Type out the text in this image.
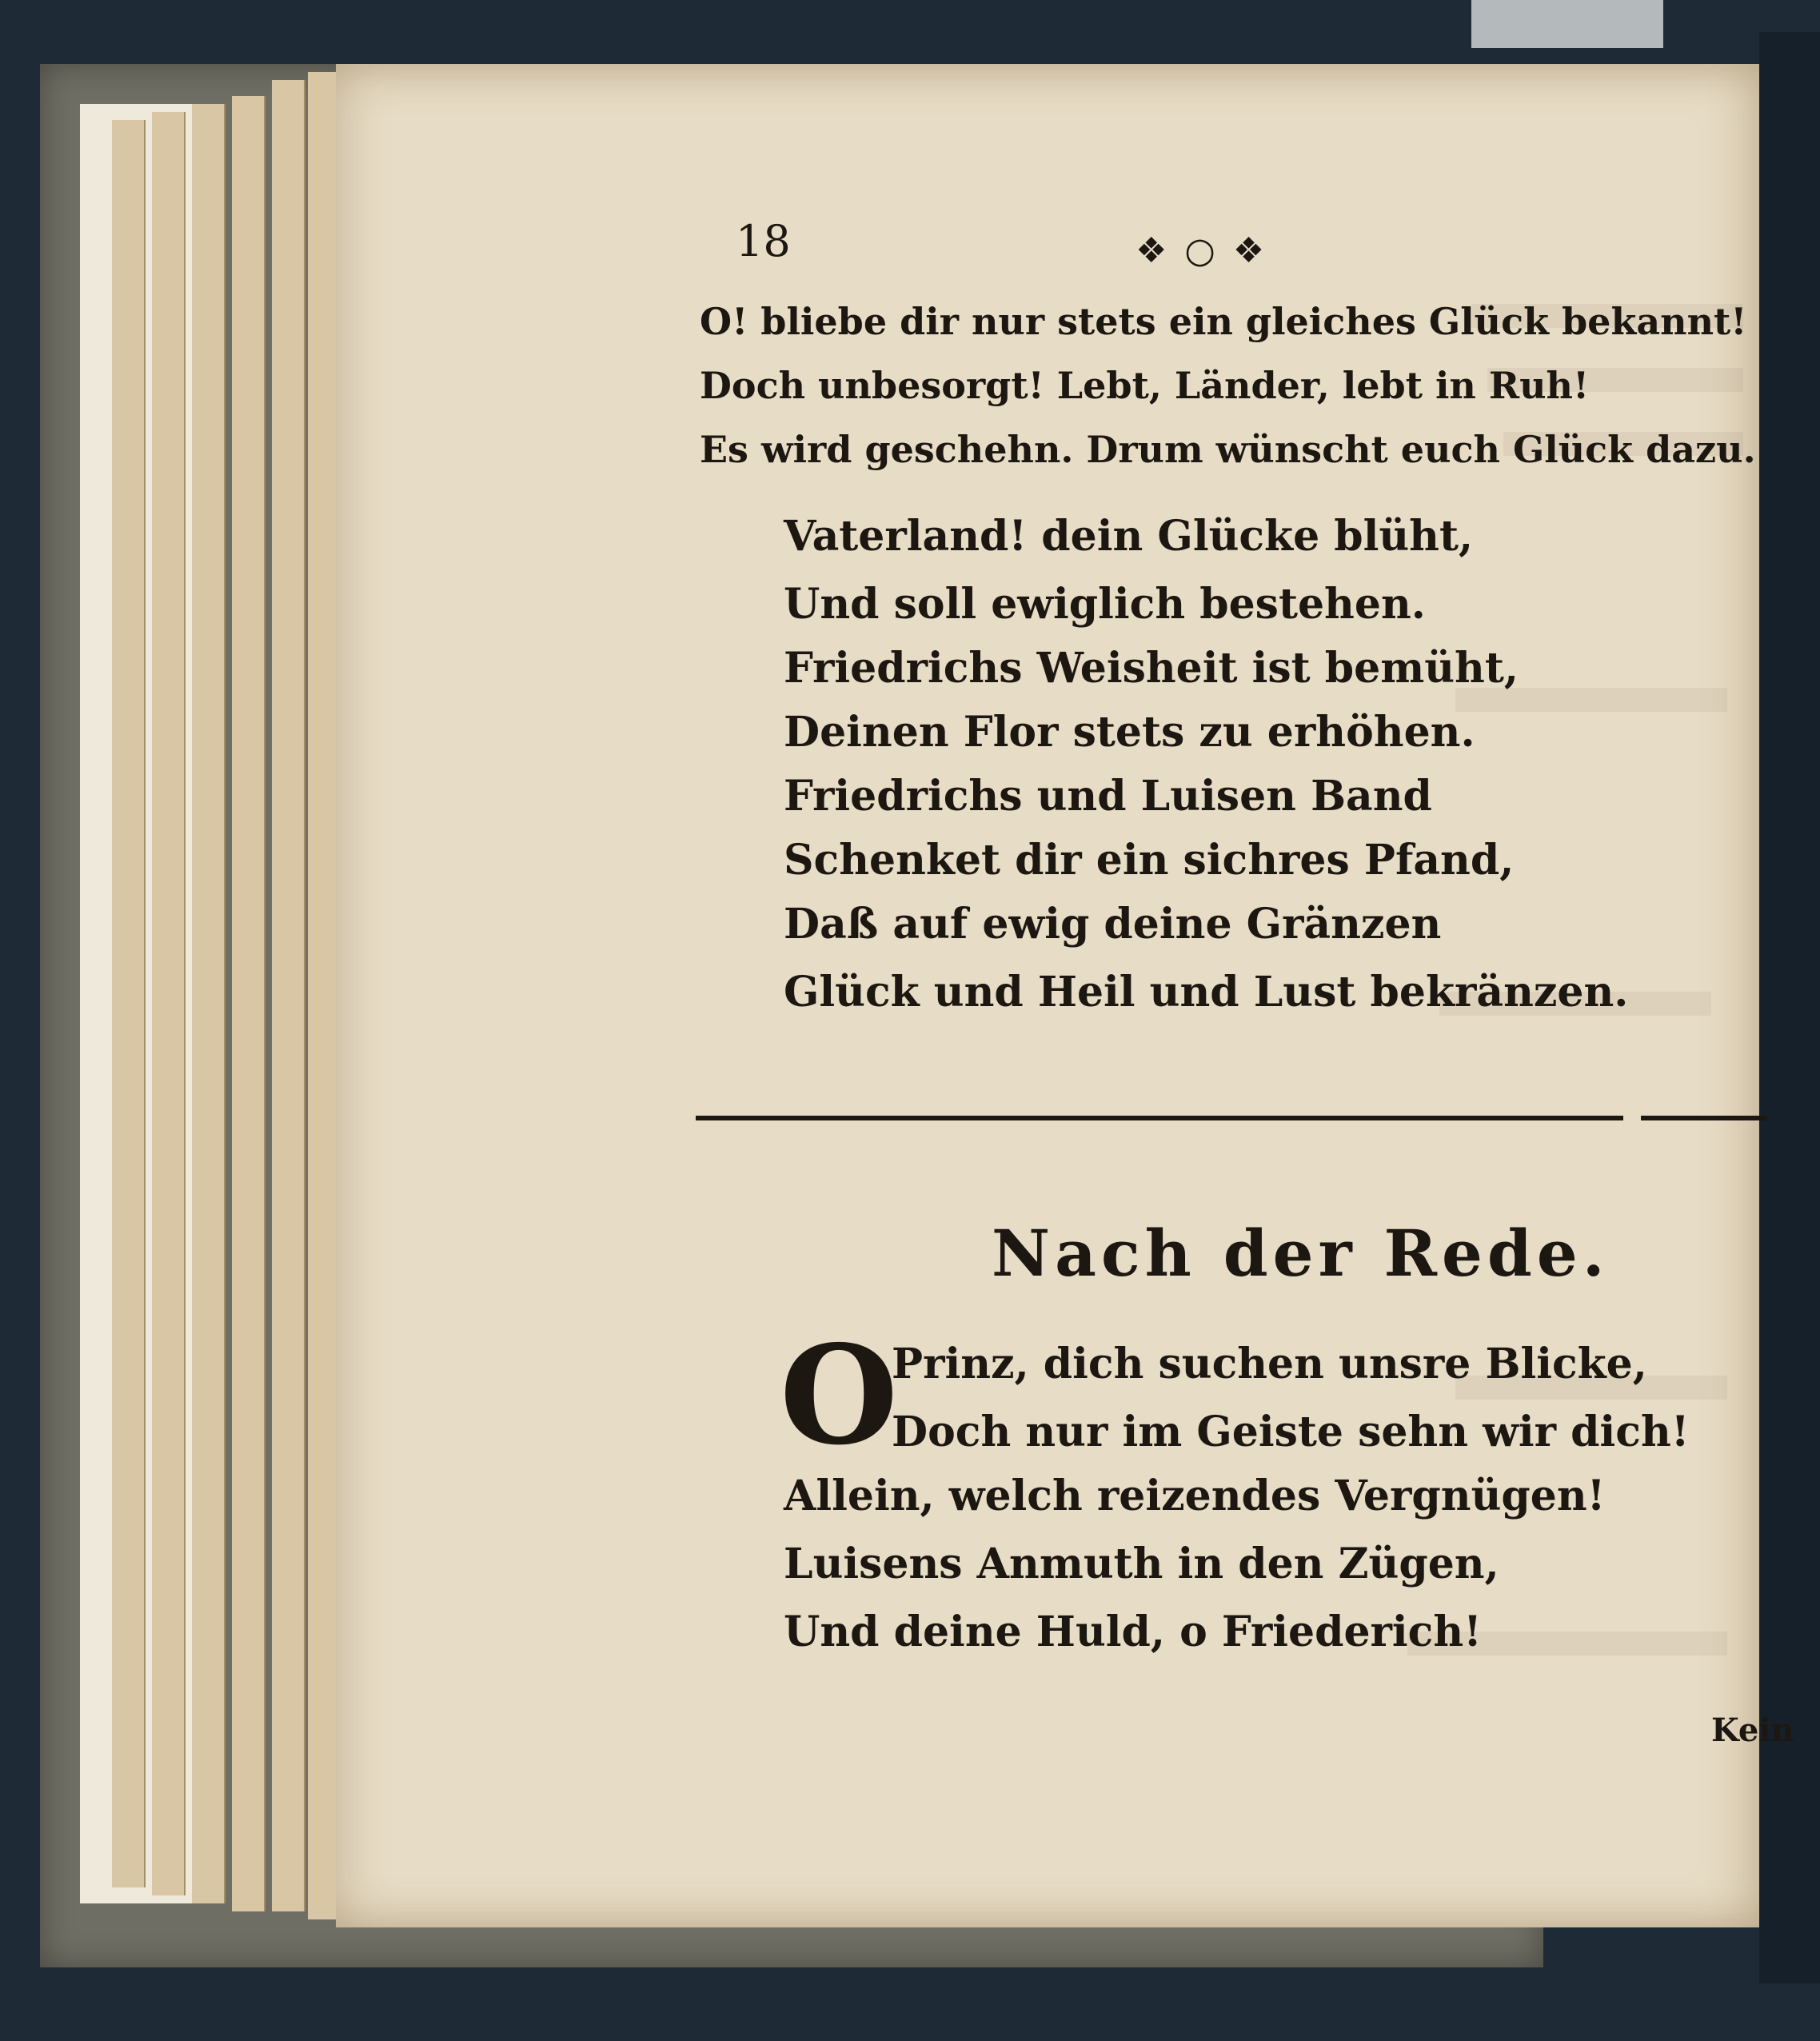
18	❖ ○ ❖
O! bliebe dir nur stets ein gleiches Glück bekannt!
Doch unbesorgt! Lebt, Länder, lebt in Ruh!
Es wird geschehn. Drum wünscht euch Glück dazu.
Vaterland! dein Glücke blüht,
Und soll ewiglich bestehen.
Friedrichs Weisheit ist bemüht,
Deinen Flor stets zu erhöhen.
Friedrichs und Luisen Band
Schenket dir ein sichres Pfand,
Daß auf ewig deine Gränzen
Glück und Heil und Lust bekränzen.
Nach der Rede.
O
Prinz, dich suchen unsre Blicke,
Doch nur im Geiste sehn wir dich!
Allein, welch reizendes Vergnügen!
Luisens Anmuth in den Zügen,
Und deine Huld, o Friederich!
Kein
